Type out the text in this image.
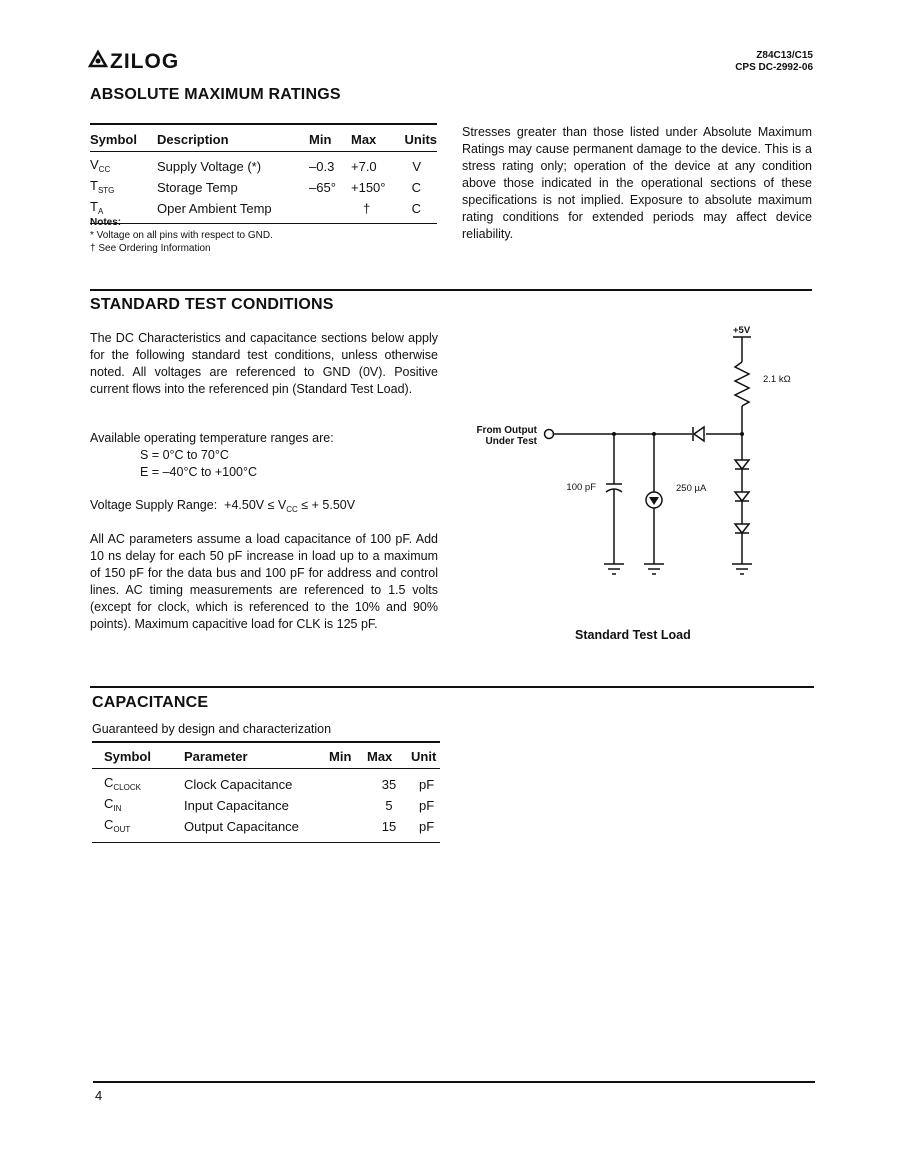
ZILOG	Z84C13/C15
CPS DC-2992-06
ABSOLUTE MAXIMUM RATINGS
Symbol	Description	Min	Max	Units
$V_{CC}$	Supply Voltage (*)	–0.3	+7.0	V
$T_{STG}$	Storage Temp	–65°	+150°	C
$T_A$	Oper Ambient Temp		†	C
Notes:
* Voltage on all pins with respect to GND.
† See Ordering Information
Stresses greater than those listed under Absolute Maximum Ratings may cause permanent damage to the device. This is a stress rating only; operation of the device at any condition above those indicated in the operational sections of these specifications is not implied. Exposure to absolute maximum rating conditions for extended periods may affect device reliability.
STANDARD TEST CONDITIONS
The DC Characteristics and capacitance sections below apply for the following standard test conditions, unless otherwise noted. All voltages are referenced to GND (0V). Positive current flows into the referenced pin (Standard Test Load).
Available operating temperature ranges are:
S = 0°C to 70°C
E = –40°C to +100°C
Voltage Supply Range: $+4.50V \le V_{CC}$ ≤ + 5.50V
All AC parameters assume a load capacitance of 100 pF. Add 10 ns delay for each 50 pF increase in load up to a maximum of 150 pF for the data bus and 100 pF for address and control lines. AC timing measurements are referenced to 1.5 volts (except for clock, which is referenced to the 10% and 90% points). Maximum capacitive load for CLK is 125 pF.
+5V
2.1 kΩ
From Output
Under Test
100 pF	250 µA
Standard Test Load
CAPACITANCE
Guaranteed by design and characterization
Symbol	Parameter	Min	Max	Unit
$C_{CLOCK}$	Clock Capacitance		35	pF
$C_{IN}$	Input Capacitance		5	pF
$C_{OUT}$	Output Capacitance		15	pF
4
